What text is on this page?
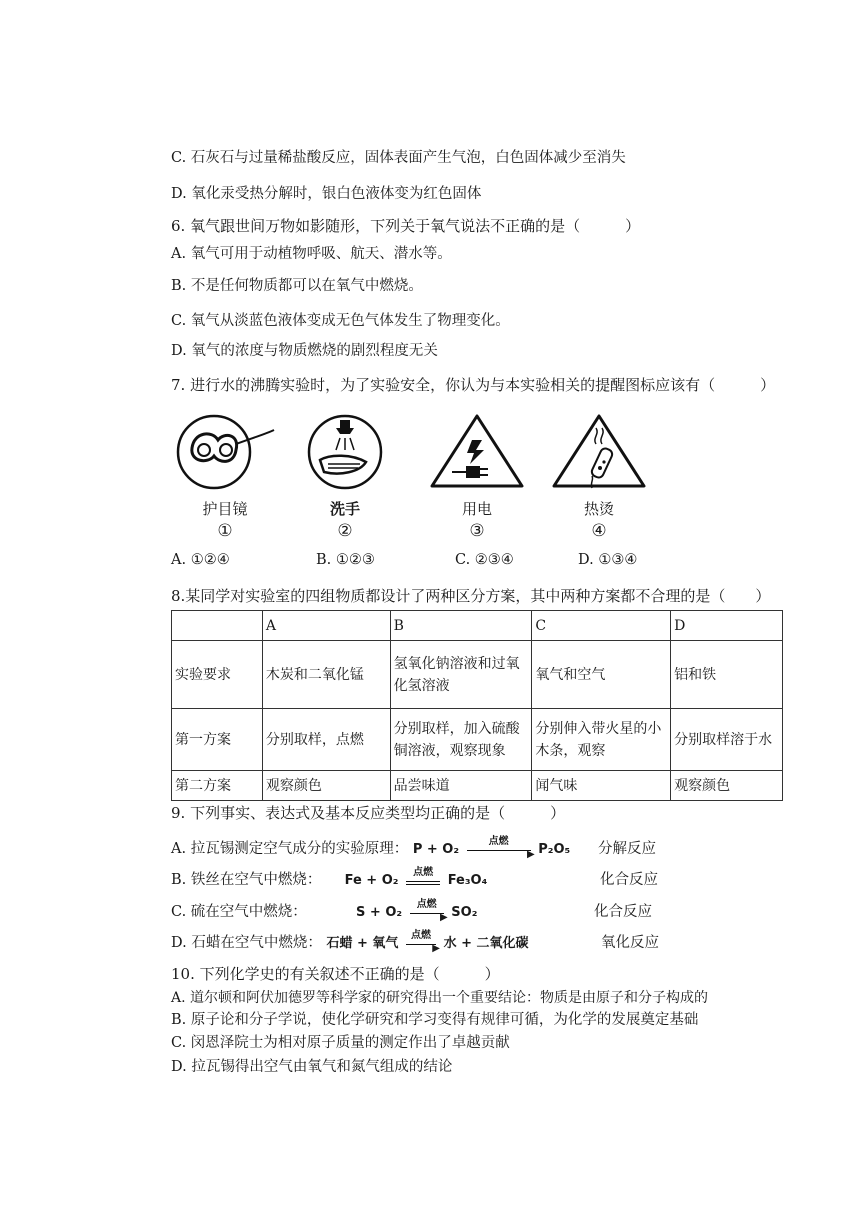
C. 石灰石与过量稀盐酸反应，固体表面产生气泡，白色固体减少至消失
D. 氧化汞受热分解时，银白色液体变为红色固体
6. 氧气跟世间万物如影随形，下列关于氧气说法不正确的是（　　　）
A. 氧气可用于动植物呼吸、航天、潜水等。
B. 不是任何物质都可以在氧气中燃烧。
C. 氧气从淡蓝色液体变成无色气体发生了物理变化。
D. 氧气的浓度与物质燃烧的剧烈程度无关
7. 进行水的沸腾实验时，为了实验安全，你认为与本实验相关的提醒图标应该有（　　　）
护目镜
①
洗手
②
用电
③
热烫
④
A. ①②④	B. ①②③	C. ②③④	D. ①③④
8.某同学对实验室的四组物质都设计了两种区分方案，其中两种方案都不合理的是（　　）
	A	B	C	D
实验要求	木炭和二氧化锰	氢氧化钠溶液和过氧化氢溶液	氧气和空气	铝和铁
第一方案	分别取样，点燃	分别取样，加入硫酸铜溶液，观察现象	分别伸入带火星的小木条，观察	分别取样溶于水
第二方案	观察颜色	品尝味道	闻气味	观察颜色
9. 下列事实、表达式及基本反应类型均正确的是（　　　）
A. 拉瓦锡测定空气成分的实验原理： P + O₂
点燃
▶ P₂O₅ 分解反应
B. 铁丝在空气中燃烧： Fe + O₂
点燃
Fe₃O₄	化合反应
C. 硫在空气中燃烧：	S + O₂
点燃
▶ SO₂	化合反应
D. 石蜡在空气中燃烧： 石蜡 + 氧气
点燃
▶ 水 + 二氧化碳	氧化反应
10. 下列化学史的有关叙述不正确的是（　　　）
A. 道尔顿和阿伏加德罗等科学家的研究得出一个重要结论：物质是由原子和分子构成的
B. 原子论和分子学说，使化学研究和学习变得有规律可循，为化学的发展奠定基础
C. 闵恩泽院士为相对原子质量的测定作出了卓越贡献
D. 拉瓦锡得出空气由氧气和氮气组成的结论
